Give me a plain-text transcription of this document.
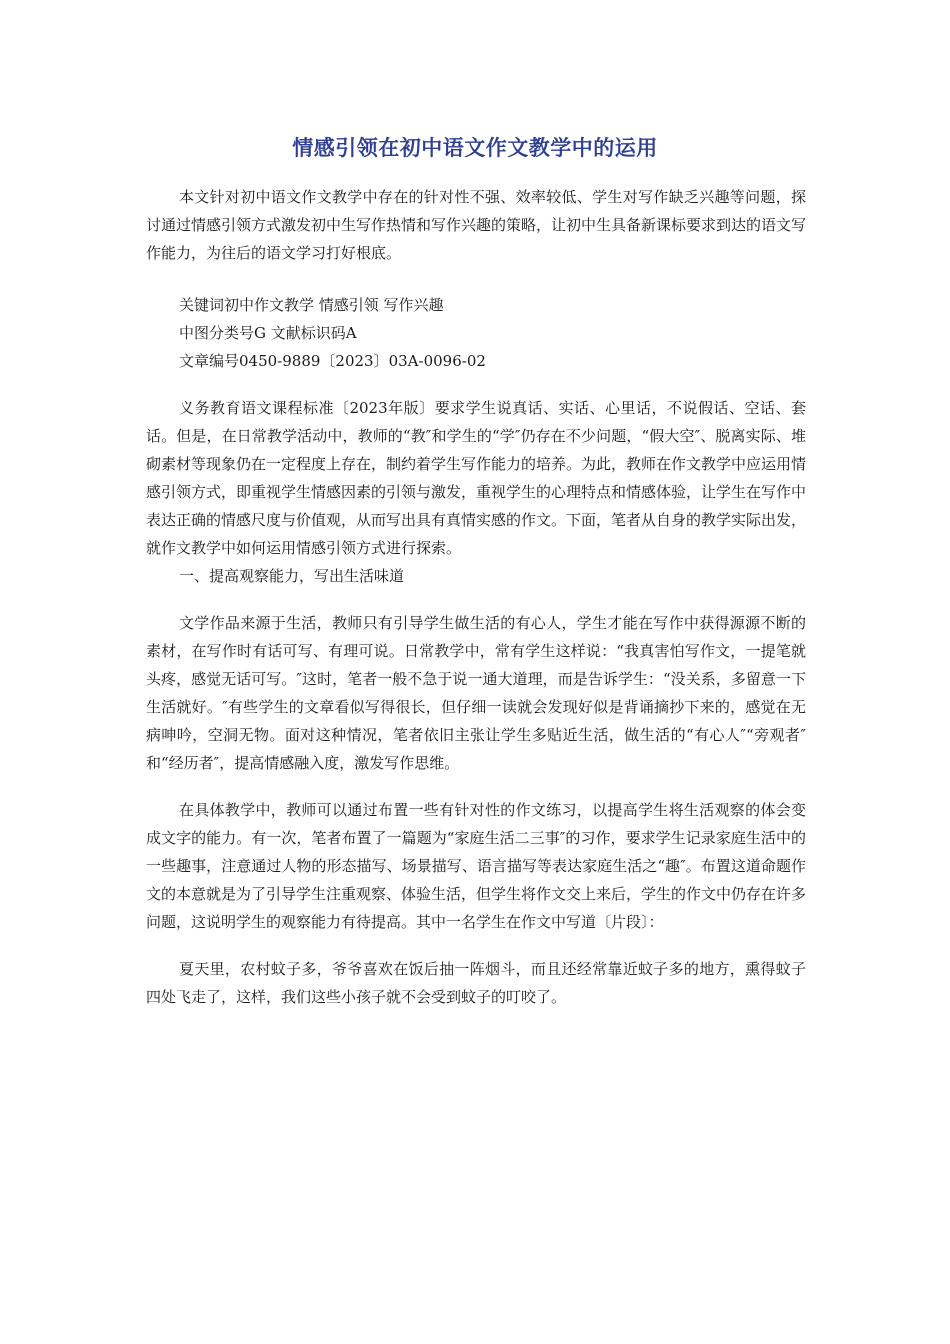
情感引领在初中语文作文教学中的运用

本文针对初中语文作文教学中存在的针对性不强、效率较低、学生对写作缺乏兴趣等问题，探讨通过情感引领方式激发初中生写作热情和写作兴趣的策略，让初中生具备新课标要求到达的语文写作能力，为往后的语文学习打好根底。

关键词初中作文教学 情感引领 写作兴趣

中图分类号G 文献标识码A

文章编号0450-9889〔2023〕03A-0096-02

义务教育语文课程标准〔2023年版〕要求学生说真话、实话、心里话，不说假话、空话、套话。但是，在日常教学活动中，教师的“教″和学生的“学″仍存在不少问题，“假大空″、脱离实际、堆砌素材等现象仍在一定程度上存在，制约着学生写作能力的培养。为此，教师在作文教学中应运用情感引领方式，即重视学生情感因素的引领与激发，重视学生的心理特点和情感体验，让学生在写作中表达正确的情感尺度与价值观，从而写出具有真情实感的作文。下面，笔者从自身的教学实际出发，就作文教学中如何运用情感引领方式进行探索。

一、提高观察能力，写出生活味道

文学作品来源于生活，教师只有引导学生做生活的有心人，学生才能在写作中获得源源不断的素材，在写作时有话可写、有理可说。日常教学中，常有学生这样说：“我真害怕写作文，一提笔就头疼，感觉无话可写。″这时，笔者一般不急于说一通大道理，而是告诉学生：“没关系，多留意一下生活就好。″有些学生的文章看似写得很长，但仔细一读就会发现好似是背诵摘抄下来的，感觉在无病呻吟，空洞无物。面对这种情况，笔者依旧主张让学生多贴近生活，做生活的“有心人″“旁观者″和“经历者″，提高情感融入度，激发写作思维。

在具体教学中，教师可以通过布置一些有针对性的作文练习，以提高学生将生活观察的体会变成文字的能力。有一次，笔者布置了一篇题为“家庭生活二三事″的习作，要求学生记录家庭生活中的一些趣事，注意通过人物的形态描写、场景描写、语言描写等表达家庭生活之“趣″。布置这道命题作文的本意就是为了引导学生注重观察、体验生活，但学生将作文交上来后，学生的作文中仍存在许多问题，这说明学生的观察能力有待提高。其中一名学生在作文中写道〔片段〕：

夏天里，农村蚊子多，爷爷喜欢在饭后抽一阵烟斗，而且还经常靠近蚊子多的地方，熏得蚊子四处飞走了，这样，我们这些小孩子就不会受到蚊子的叮咬了。
